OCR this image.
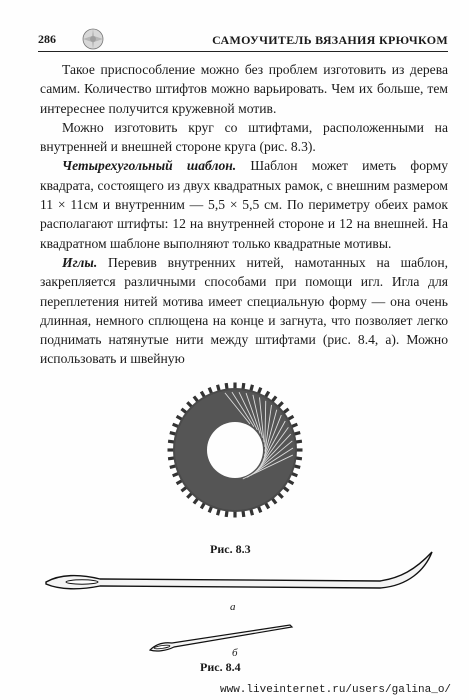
286	САМОУЧИТЕЛЬ ВЯЗАНИЯ КРЮЧКОМ

Такое приспособление можно без проблем изготовить из дерева самим. Количество штифтов можно варьировать. Чем их больше, тем интереснее получится кружевной мотив.

Можно изготовить круг со штифтами, расположенными на внутренней и внешней стороне круга (рис. 8.3).

Четырехугольный шаблон. Шаблон может иметь форму квадрата, состоящего из двух квадратных рамок, с внешним размером 11 × 11см и внутренним — 5,5 × 5,5 см. По периметру обеих рамок располагают штифты: 12 на внутренней стороне и 12 на внешней. На квадратном шаблоне выполняют только квадратные мотивы.

Иглы. Перевив внутренних нитей, намотанных на шаблон, закрепляется различными способами при помощи игл. Игла для переплетения нитей мотива имеет специальную форму — она очень длинная, немного сплющена на конце и загнута, что позволяет легко поднимать натянутые нити между штифтами (рис. 8.4, а). Можно использовать и швейную

Рис. 8.3
а
б
Рис. 8.4
www.liveinternet.ru/users/galina_o/
